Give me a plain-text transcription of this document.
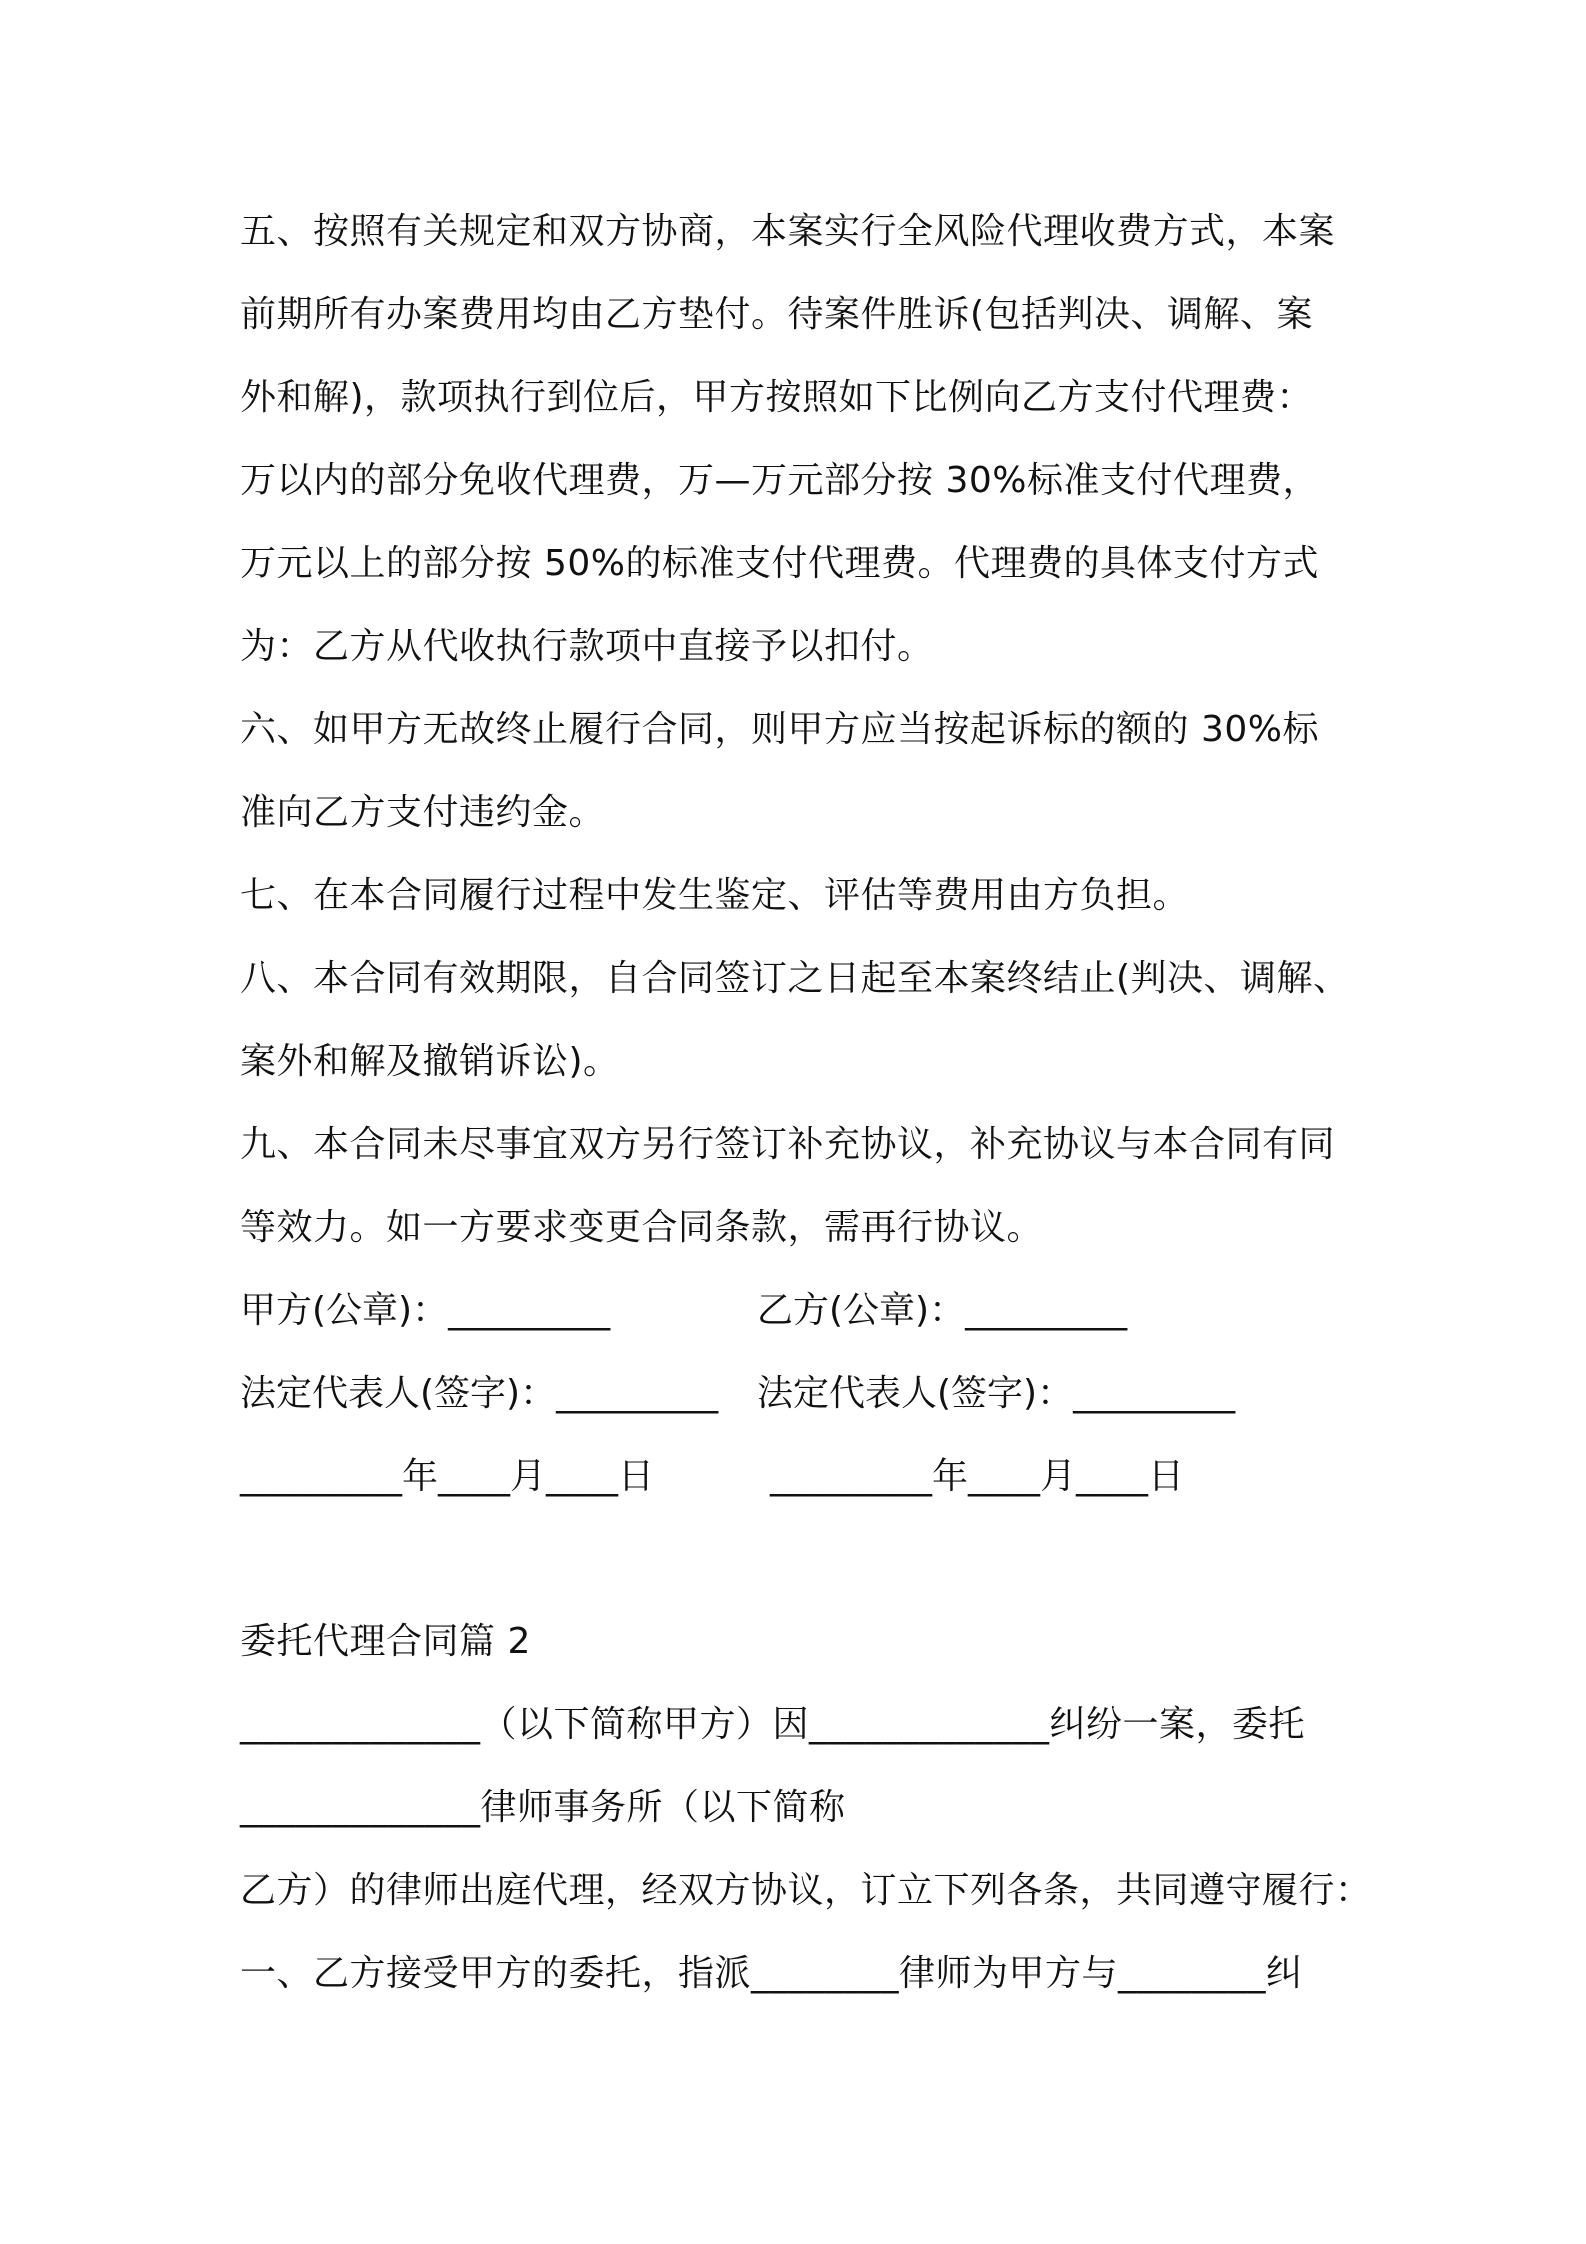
五、按照有关规定和双方协商，本案实行全风险代理收费方式，本案
前期所有办案费用均由乙方垫付。待案件胜诉(包括判决、调解、案
外和解)，款项执行到位后，甲方按照如下比例向乙方支付代理费：
万以内的部分免收代理费，万—万元部分按 30%标准支付代理费，
万元以上的部分按 50%的标准支付代理费。代理费的具体支付方式
为：乙方从代收执行款项中直接予以扣付。
六、如甲方无故终止履行合同，则甲方应当按起诉标的额的 30%标
准向乙方支付违约金。
七、在本合同履行过程中发生鉴定、评估等费用由方负担。
八、本合同有效期限，自合同签订之日起至本案终结止(判决、调解、
案外和解及撤销诉讼)。
九、本合同未尽事宜双方另行签订补充协议，补充协议与本合同有同
等效力。如一方要求变更合同条款，需再行协议。
甲方(公章)：_________	乙方(公章)：_________
法定代表人(签字)：_________ 法定代表人(签字)：_________
_________年____月____日	_________年____月____日
委托代理合同篇 2
_____________（以下简称甲方）因_____________纠纷一案，委托
_____________律师事务所（以下简称
乙方）的律师出庭代理，经双方协议，订立下列各条，共同遵守履行：
一、乙方接受甲方的委托，指派________律师为甲方与________纠
